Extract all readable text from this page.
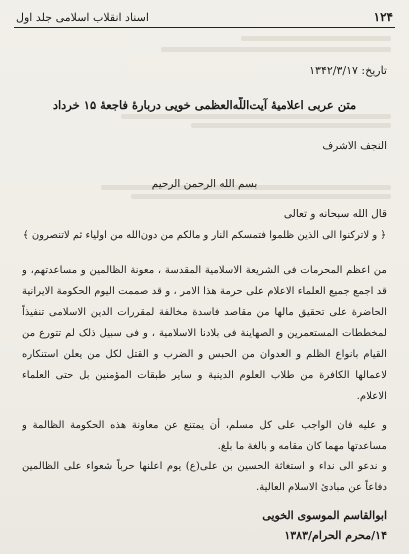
۱۲۴
اسناد انقلاب اسلامی جلد اول
تاریخ: ۱۳۴۲/۳/۱۷
متن عربی اعلامیهٔ آیت‌اللّه‌العظمی خویی دربارهٔ فاجعهٔ ۱۵ خرداد
النجف الاشرف
بسم الله الرحمن الرحیم
قال الله سبحانه و تعالی
﴿ و لاترکنوا الی الذین ظلموا فتمسکم النار و مالکم من دون‌الله من اولیاء ثم لاتنصرون ﴾
من اعظم المحرمات فی الشریعة الاسلامیة المقدسة ، معونة الظالمین و مساعدتهم، و قد اجمع جمیع العلماء الاعلام علی حرمة هذا الامر ، و قد صممت الیوم الحکومة الایرانیة الحاضرة علی تحقیق مالها من مقاصد فاسدة مخالفة لمقررات الدین الاسلامی تنفیذاً لمخططات المستعمرین و الصهاینة فی بلادنا الاسلامیة ، و فی سبیل ذلک لم تتورع من القیام بانواع الظلم و العدوان من الحبس و الضرب و القتل لکل من یعلن استنکاره لاعمالها الکافرة من طلاب العلوم الدینیة و سایر طبقات المؤمنین بل حتی العلماء الاعلام.
و علیه فان الواجب علی کل مسلم، أن یمتنع عن معاونة هذه الحکومة الظالمة و مساعدتها مهما کان مقامه و بالغة ما بلغ.
و ندعو الی نداء و استغاثة الحسین بن علی(ع) یوم اعلنها حرباً شعواء علی الظالمین دفاعاً عن مبادئ الاسلام العالیة.
ابوالقاسم الموسوی الخویی
۱۴/محرم الحرام/۱۳۸۳
